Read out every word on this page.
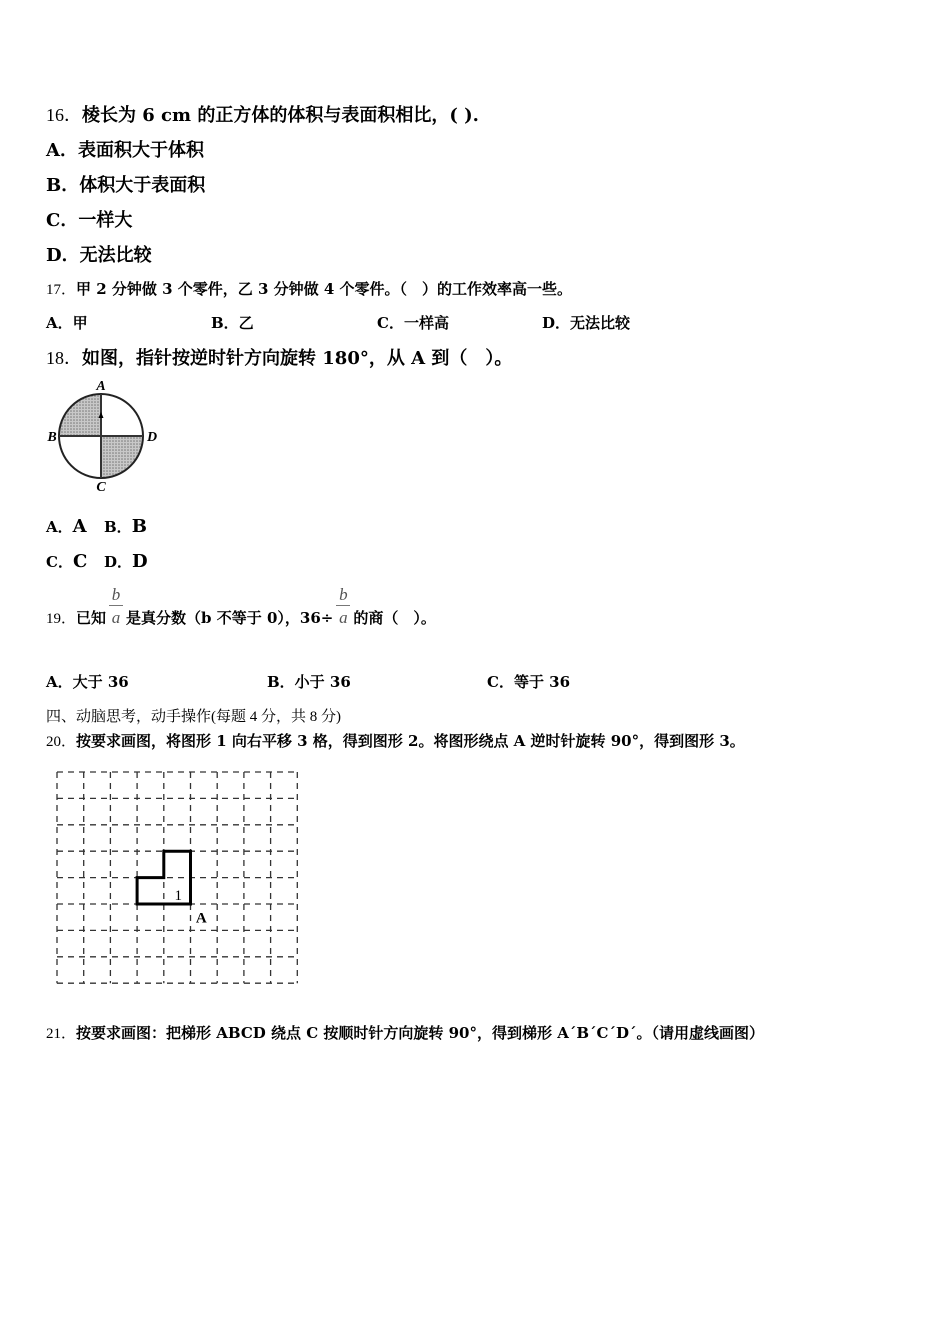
16．棱长为 6 cm 的正方体的体积与表面积相比，( ).
A．表面积大于体积
B．体积大于表面积
C．一样大
D．无法比较
17．甲 2 分钟做 3 个零件，乙 3 分钟做 4 个零件。（　）的工作效率高一些。
A．甲	B．乙	C．一样高	D．无法比较
18．如图，指针按逆时针方向旋转 180°，从 A 到（　）。
A
B
C
D
A．A B．B
C．C D．D
19．已知 $\frac{b}{a}$ 是真分数（b 不等于 0），$36\div \frac{b}{a}$ 的商（　）。
A．大于 36	B．小于 36	C．等于 36
四、动脑思考，动手操作(每题 4 分，共 8 分)
20．按要求画图，将图形 1 向右平移 3 格，得到图形 2。将图形绕点 A 逆时针旋转 90°，得到图形 3。
1
A
21．按要求画图：把梯形 ABCD 绕点 C 按顺时针方向旋转 90°，得到梯形 A´B´C´D´。（请用虚线画图）
